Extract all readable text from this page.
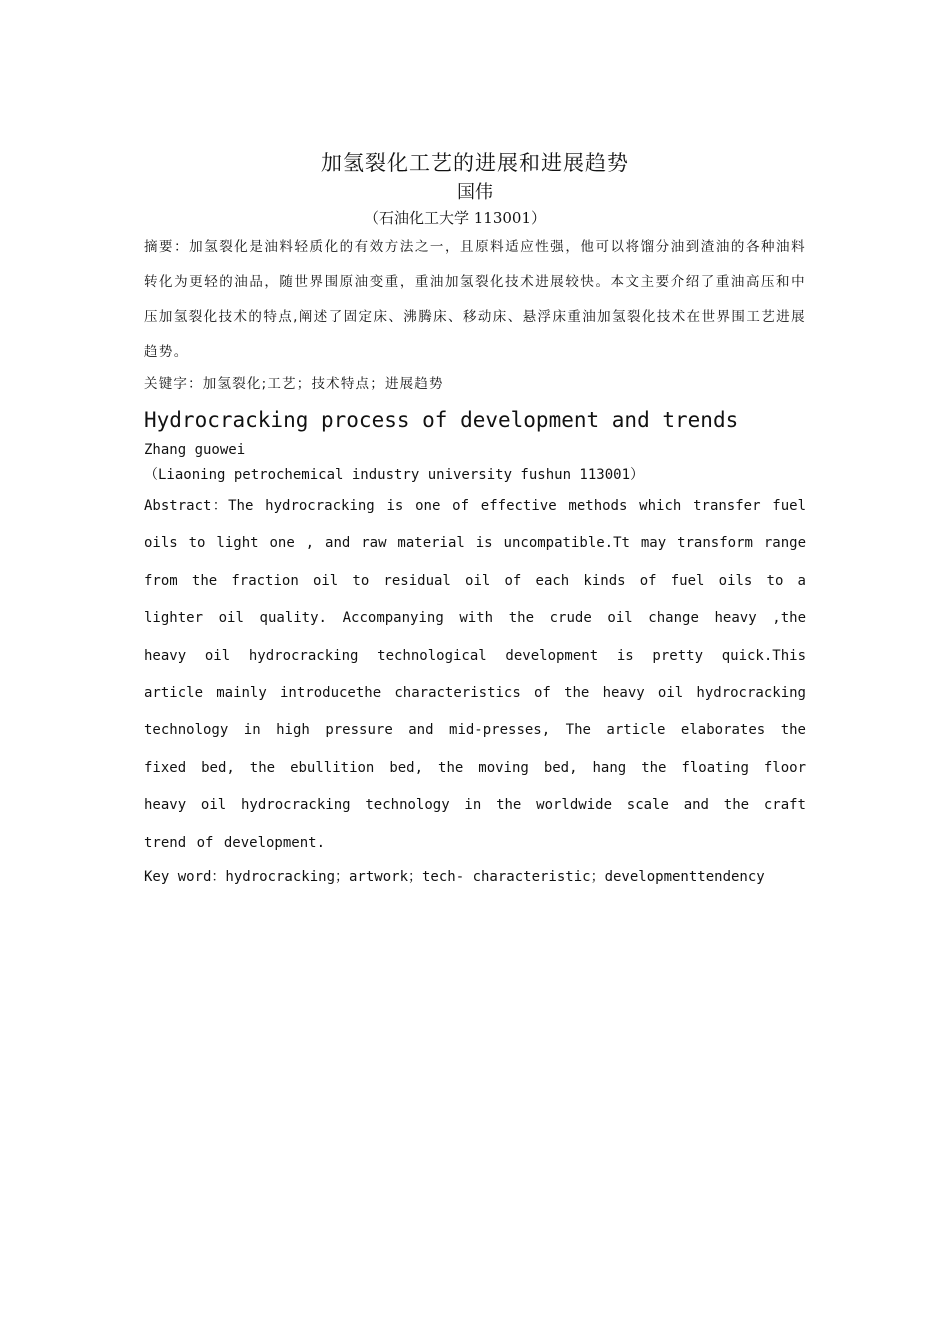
加氢裂化工艺的进展和进展趋势
国伟
（石油化工大学 113001）

摘要：加氢裂化是油料轻质化的有效方法之一，且原料适应性强，他可以将馏分油到渣油的各种油料转化为更轻的油品，随世界围原油变重，重油加氢裂化技术进展较快。本文主要介绍了重油高压和中压加氢裂化技术的特点,阐述了固定床、沸腾床、移动床、悬浮床重油加氢裂化技术在世界围工艺进展趋势。

关键字：加氢裂化;工艺；技术特点；进展趋势

Hydrocracking process of development and trends
Zhang guowei
（Liaoning petrochemical industry university fushun 113001）

Abstract：The hydrocracking is one of effective methods which transfer fuel oils to light one , and raw material is uncompatible.Tt may transform range from the fraction oil to residual oil of each kinds of fuel oils to a lighter oil quality. Accompanying with the crude oil change heavy ,the heavy oil hydrocracking technological development is pretty quick.This article mainly introducethe characteristics of the heavy oil hydrocracking technology in high pressure and mid-presses, The article elaborates the fixed bed, the ebullition bed, the moving bed, hang the floating floor heavy oil hydrocracking technology in the worldwide scale and the craft trend of development.

Key word：hydrocracking；artwork；tech- characteristic；developmenttendency
